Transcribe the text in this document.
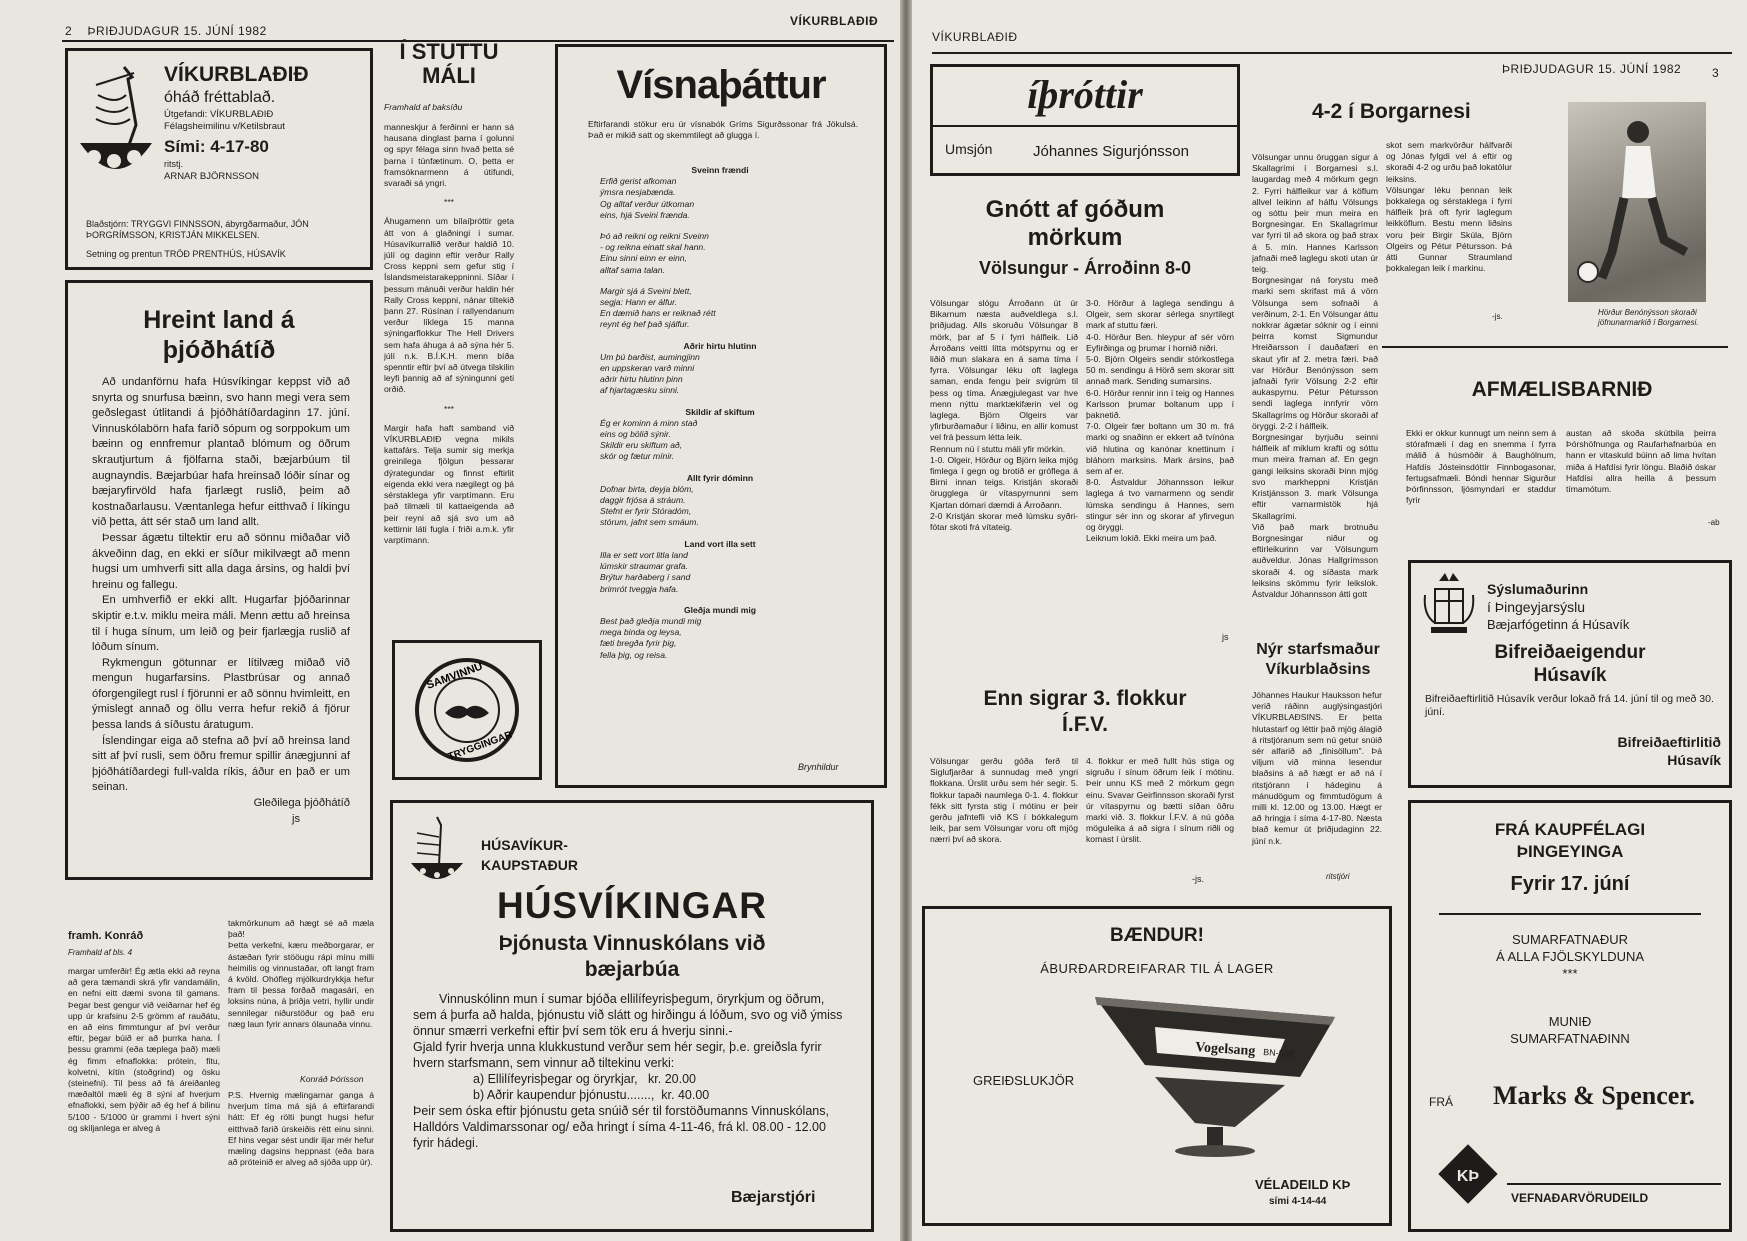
2 ÞRIÐJUDAGUR 15. JÚNÍ 1982
VÍKURBLAÐIÐ
VÍKURBLAÐIÐ
óháð fréttablað.
Útgefandi: VÍKURBLAÐIÐ
Félagsheimilinu v/Ketilsbraut
Sími: 4-17-80
ritstj.
ARNAR BJÖRNSSON
Blaðstjórn: TRYGGVI FINNSSON, ábyrgðarmaður, JÓN ÞORGRÍMSSON, KRISTJÁN MIKKELSEN.
Setning og prentun TRÖÐ PRENTHÚS, HÚSAVÍK
Hreint land á
þjóðhátíð

Að undanförnu hafa Húsvíkingar keppst við að snyrta og snurfusa bæinn, svo hann megi vera sem geðslegast útlitandi á þjóðhátíðardaginn 17. júní. Vinnuskólabörn hafa farið sópum og sorppokum um bæinn og ennfremur plantað blómum og öðrum skrautjurtum á fjölfarna staði, bæjarbúum til augnayndis. Bæjarbúar hafa hreinsað lóðir sínar og bæjaryfirvöld hafa fjarlægt ruslið, þeim að kostnaðarlausu. Væntanlega hefur eitthvað í líkingu við þetta, átt sér stað um land allt.

Þessar ágætu tiltektir eru að sönnu miðaðar við ákveðinn dag, en ekki er síður mikilvægt að menn hugsi um umhverfi sitt alla daga ársins, og haldi því hreinu og fallegu.

En umhverfið er ekki allt. Hugarfar þjóðarinnar skiptir e.t.v. miklu meira máli. Menn ættu að hreinsa til í huga sínum, um leið og þeir fjarlægja ruslið af lóðum sínum.

Rykmengun götunnar er lítilvæg miðað við mengun hugarfarsins. Plastbrúsar og annað óforgengilegt rusl í fjörunni er að sönnu hvimleitt, en ýmislegt annað og öllu verra hefur rekið á fjörur þessa lands á síðustu áratugum.

Íslendingar eiga að stefna að því að hreinsa land sitt af því rusli, sem öðru fremur spillir ánægjunni af þjóðhátíðardegi full-valda ríkis, áður en það er um seinan.

Gleðilega þjóðhátíð

js

framh. Konráð
Framhald af bls. 4
margar umferðir! Ég ætla ekki að reyna að gera tæmandi skrá yfir vandamálin, en nefni eitt dæmi svona til gamans. Þegar best gengur við veiðarnar hef ég upp úr krafsinu 2-5 grömm af rauðátu, en að eins fimmtungur af því verður eftir, þegar búið er að þurrka hana. Í þessu grammi (eða tæplega það) mæli ég fimm efnaflokka: prótein, fitu, kolvetni, kítín (stoðgrind) og ösku (steinefni). Til þess að fá áreiðanleg mæðaltöl mæli ég 8 sýni af hverjum efnaflokki, sem þýðir að ég hef á bilinu 5/100 - 5/1000 úr grammi í hvert sýni og skiljanlega er alveg á
takmörkunum að hægt sé að mæla það!
Þetta verkefni, kæru meðborgarar, er ástæðan fyrir stööugu rápi mínu milli heimilis og vinnustaðar, oft langt fram á kvöld. Ohófleg mjólkurdrykkja hefur fram til þessa forðað magasári, en loksins núna, á þriðja vetri, hyllir undir sennilegar niðurstöður og það eru næg laun fyrir annars ólaunaða vinnu.
Konráð Þórisson
P.S. Hvernig mælingarnar ganga á hverjum tíma má sjá á eftirfarandi hátt: Ef ég rölti þungt hugsi hefur eitthvað farið úrskeiðis rétt einu sinni. Ef hins vegar sést undir iljar mér hefur mæling dagsins heppnast (eða bara að próteinið er alveg að sjóða upp úr).
Í STUTTU
MÁLI
Framhald af baksíðu

manneskjur á ferðinni er hann sá hausana dinglast þarna í golunni og spyr félaga sinn hvað þetta sé þarna í túnfætinum. O, þetta er framsóknarmenn á útifundi, svaraði sá yngri.

***

Áhugamenn um bílaíþróttir geta átt von á glaðningi í sumar. Húsavíkurrallið verður haldið 10. júlí og daginn eftir verður Rally Cross keppni sem gefur stig í Íslandsmeistarakeppninni. Síðar í þessum mánuði verður haldin hér Rally Cross keppni, nánar tiltekið þann 27. Rúsínan í rallyendanum verður líklega 15 manna sýningarflokkur The Hell Drivers sem hafa áhuga á að sýna hér 5. júlí n.k. B.Í.K.H. menn bíða spenntir eftir því að útvega tilskilin leyfi þannig að af sýningunni geti orðið.

***

Margir hafa haft samband við VÍKURBLAÐIÐ vegna mikils kattafárs. Telja sumir sig merkja greinilega fjölgun þessarar dýrategundar og finnst eftirlit eigenda ekki vera nægilegt og þá sérstaklega yfir varptímann. Eru það tilmæli til kattaeigenda að þeir reyni að sjá svo um að kettirnir láti fugla í friði a.m.k. yfir varptímann.

SAMVINNU
TRYGGINGAR
Vísnaþáttur
Eftirfarandi stökur eru úr vísnabók Gríms Sigurðssonar frá Jökulsá. Það er mikið satt og skemmtilegt að glugga í.

Sveinn frændi

Erfið gerist afkoman
ýmsra nesjabænda.
Og alltaf verður útkoman
eins, hjá Sveini frænda.

Þó að reikni og reikni Sveinn
- og reikna einatt skal hann.
Einu sinni einn er einn,
alltaf sama talan.

Margir sjá á Sveini blett,
segja: Hann er álfur.
En dæmið hans er reiknað rétt
reynt ég hef það sjálfur.

Aðrir hirtu hlutinn

Um þú barðist, aumingjinn
en uppskeran varð minni
aðrir hirtu hlutinn þinn
af hjartagæsku sinni.

Skildir af skiftum

Ég er kominn á minn stað
eins og bölið sýnir.
Skildir eru skiftum að,
skór og fætur mínir.

Allt fyrir dóminn

Dofnar birta, deyja blóm,
daggir frjósa á stráum.
Stefnt er fyrir Stóradóm,
stórum, jafnt sem smáum.

Land vort illa sett

Illa er sett vort litla land
lúmskir straumar grafa.
Brýtur harðaberg í sand
brimrót tveggja hafa.

Gleðja mundi mig

Best það gleðja mundi mig
mega binda og leysa,
fæti bregða fyrir þig,
fella þig, og reisa.

Brynhildur
HÚSAVÍKUR-
KAUPSTAÐUR
HÚSVÍKINGAR
Þjónusta Vinnuskólans við
bæjarbúa

Vinnuskólinn mun í sumar bjóða ellilífeyrisþegum, öryrkjum og öðrum, sem á þurfa að halda, þjónustu við slátt og hirðingu á lóðum, svo og við ýmiss önnur smærri verkefni eftir því sem tök eru á hverju sinni.-

Gjald fyrir hverja unna klukkustund verður sem hér segir, þ.e. greiðsla fyrir hvern starfsmann, sem vinnur að tiltekinu verki:

a) Ellilífeyrisþegar og öryrkjar,   kr. 20.00

b) Aðrir kaupendur þjónustu.......,  kr. 40.00

Þeir sem óska eftir þjónustu geta snúið sér til forstöðumanns Vinnuskólans, Halldórs Valdimarssonar og/ eða hringt í síma 4-11-46, frá kl. 08.00 - 12.00 fyrir hádegi.

Bæjarstjóri
VÍKURBLAÐIÐ
ÞRIÐJUDAGUR 15. JÚNÍ 1982	3
íþróttir
Umsjón	Jóhannes Sigurjónsson
Gnótt af góðum
mörkum
Völsungur - Árroðinn 8-0
Völsungar slógu Árroðann út úr Bikarnum næsta auðveldlega s.l. þriðjudag. Alls skoruðu Völsungar 8 mörk, þar af 5 í fyrri hálfleik. Lið Árroðans veitti lítta mótspyrnu og er liðið mun slakara en á sama tíma í fyrra. Völsungar léku oft laglega saman, enda fengu þeir svigrúm til þess og tíma. Ánægjulegast var hve menn nýttu marktækifærin vel og laglega. Björn Olgeirs var yfirburðamaður í liðinu, en allir komust vel frá þessum létta leik.
Rennum nú í stuttu máli yfir mörkin.
1-0. Olgeir, Hörður og Björn leika mjög fimlega í gegn og brotið er gróflega á Birni innan teigs. Kristján skoraði örugglega úr vítaspyrnunni sem Kjartan dómari dæmdi á Árroðann.
2-0 Kristján skorar með lúmsku syðri-fótar skoti frá vítateig.
3-0. Hörður á laglega sendingu á Olgeir, sem skorar sérlega snyrtilegt mark af stuttu færi.
4-0. Hörður Ben. hleypur af sér vörn Eyfirðinga og þrumar í hornið niðri.
5-0. Björn Olgeirs sendir stórkostlega 50 m. sendingu á Hörð sem skorar sitt annað mark. Sending sumarsins.
6-0. Hörður rennir inn í teig og Hannes Karlsson þrumar boltanum upp í þaknetið.
7-0. Olgeir fær boltann um 30 m. frá marki og snaðinn er ekkert að tvínóna við hlutina og kanónar knettinum í bláhorn marksins. Mark ársins, það sem af er.
8-0. Ástvaldur Jóhannsson leikur laglega á tvo varnarmenn og sendir lúmska sendingu á Hannes, sem stingur sér inn og skorar af yfirvegun og öryggi.
Leiknum lokið. Ekki meira um það.
js
Enn sigrar 3. flokkur
Í.F.V.
Völsungar gerðu góða ferð til Siglufjarðar á sunnudag með yngri flokkana. Úrslit urðu sem hér segir. 5. flokkur tapaði naumlega 0-1. 4. flokkur fékk sitt fyrsta stig í mótinu er þeir gerðu jafntefli við KS í bókkalegum leik, þar sem Völsungar voru oft mjög nærri því að skora.
4. flokkur er með fullt hús stiga og sigruðu í sínum öðrum leik í mótinu. Þeir unnu KS með 2 mörkum gegn einu. Svavar Geirfinnsson skoraði fyrst úr vítaspyrnu og bætti síðan öðru marki við. 3. flokkur Í.F.V. á nú góða möguleika á að sigra í sínum riðli og komast í úrslit.
-js.
4-2 í Borgarnesi
Völsungar unnu öruggan sigur á Skallagrími í Borgarnesi s.l. laugardag með 4 mörkum gegn 2. Fyrri hálfleikur var á köflum allvel leikinn af hálfu Völsungs og sóttu þeir mun meira en Borgnesingar. En Skallagrímur var fyrri til að skora og það strax á 5. mín. Hannes Karlsson jafnaði með laglegu skoti utan úr teig.
Borgnesingar ná forystu með marki sem skrifast má á vörn Völsunga sem sofnaði á verðinum, 2-1. En Völsungar áttu nokkrar ágætar sóknir og í einni þeirra komst Sigmundur Hreiðarsson í dauðafæri en skaut yfir af 2. metra færi. Það var Hörður Benónýsson sem jafnaði fyrir Völsung 2-2 eftir aukaspyrnu. Pétur Pétursson sendi laglega innfyrir vörn Skallagríms og Hörður skoraði af öryggi. 2-2 í hálfleik.
Borgnesingar byrjuðu seinni hálfleik af miklum krafti og sóttu mun meira framan af. En gegn gangi leiksins skoraði Þinn mjög svo markheppni Kristján Kristjánsson 3. mark Völsunga eftir varnarmistök hjá Skallagrími.
Við það mark brotnuðu Borgnesingar niður og eftirleikurinn var Völsungum auðveldur. Jónas Hallgrímsson skoraði 4. og síðasta mark leiksins skömmu fyrir leikslok. Ástvaldur Jóhannsson átti gott
skot sem markvörður hálfvarði og Jónas fylgdi vel á eftir og skoraði 4-2 og urðu það lokatölur leiksins.
Völsungar léku þennan leik þokkalega og sérstaklega í fyrri hálfleik þrá oft fyrir laglegum leikköflum. Bestu menn liðsins voru þeir Birgir Skúla, Björn Olgeirs og Pétur Pétursson. Þá átti Gunnar Straumland þokkalegan leik í markinu.
-js.	Hörður Benónýsson skoraði jöfnunarmarkið í Borgarnesi.
Nýr starfsmaður
Víkurblaðsins
Jóhannes Haukur Hauksson hefur verið ráðinn auglýsingastjóri VÍKURBLAÐSINS. Er þetta hlutastarf og léttir það mjög álagið á ritstjóranum sem nú getur snúið sér alfarið að „fínisöllum". Þá viljum við minna lesendur blaðsins á að hægt er að ná í ritstjórann í hádeginu á mánudögum og fimmtudögum á milli kl. 12.00 og 13.00. Hægt er að hringja í síma 4-17-80. Næsta blað kemur út þriðjudaginn 22. júní n.k.
ritstjóri
AFMÆLISBARNIÐ
Ekki er okkur kunnugt um neinn sem á stórafmæli í dag en snemma í fyrra málið á húsmóðir á Baughólnum, Hafdís Jósteinsdóttir Finnbogasonar, fertugsafmæli. Bóndi hennar Sigurður Þórfinnsson, ljósmyndari er staddur fyrir
austan að skoða skútbila þeirra Þórshöfnunga og Raufarhafnarbúa en hann er vitaskuld búinn að lima hvítan miða á Hafdísi fyrir löngu. Blaðið óskar Hafdísi allra heilla á þessum tímamótum.
-ab
Sýslumaðurinn
í Þingeyjarsýslu
Bæjarfógetinn á Húsavík
Bifreiðaeigendur
Húsavík
Bifreiðaeftirlitið Húsavík verður lokað frá 14. júní til og með 30. júní.
Bifreiðaeftirlitið
Húsavík
FRÁ KAUPFÉLAGI
ÞINGEYINGA
Fyrir 17. júní
SUMARFATNAÐUR
Á ALLA FJÖLSKYLDUNA
***
MUNIÐ
SUMARFATNAÐINN
FRÁ Marks & Spencer.
KÞ
VEFNAÐARVÖRUDEILD
BÆNDUR!
ÁBURÐARDREIFARAR TIL Á LAGER
Vogelsang BN-500
GREIÐSLUKJÖR
VÉLADEILD KÞ
sími 4-14-44
